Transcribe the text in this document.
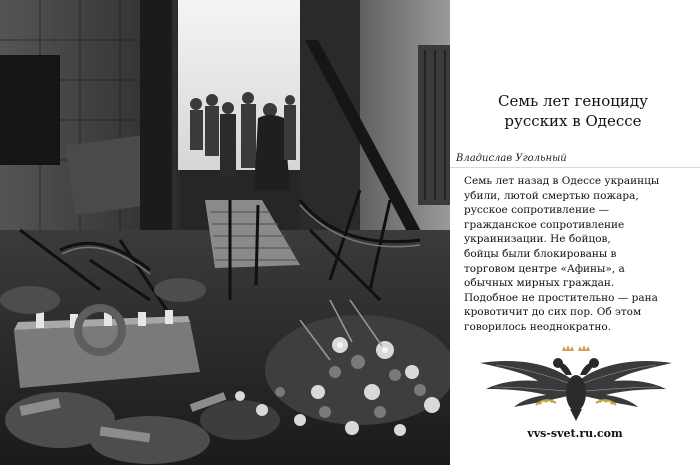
Семь лет геноциду
русских в Одессе
Владислав Угольный
Семь лет назад в Одессе украинцы
убили, лютой смертью пожара,
русское сопротивление —
гражданское сопротивление
украинизации. Не бойцов,
бойцы были блокированы в
торговом центре «Афины», а
обычных мирных граждан.
Подобное не простительно — рана
кровотичит до сих пор. Об этом
говорилось неоднократно.
vvs-svet.ru.com
